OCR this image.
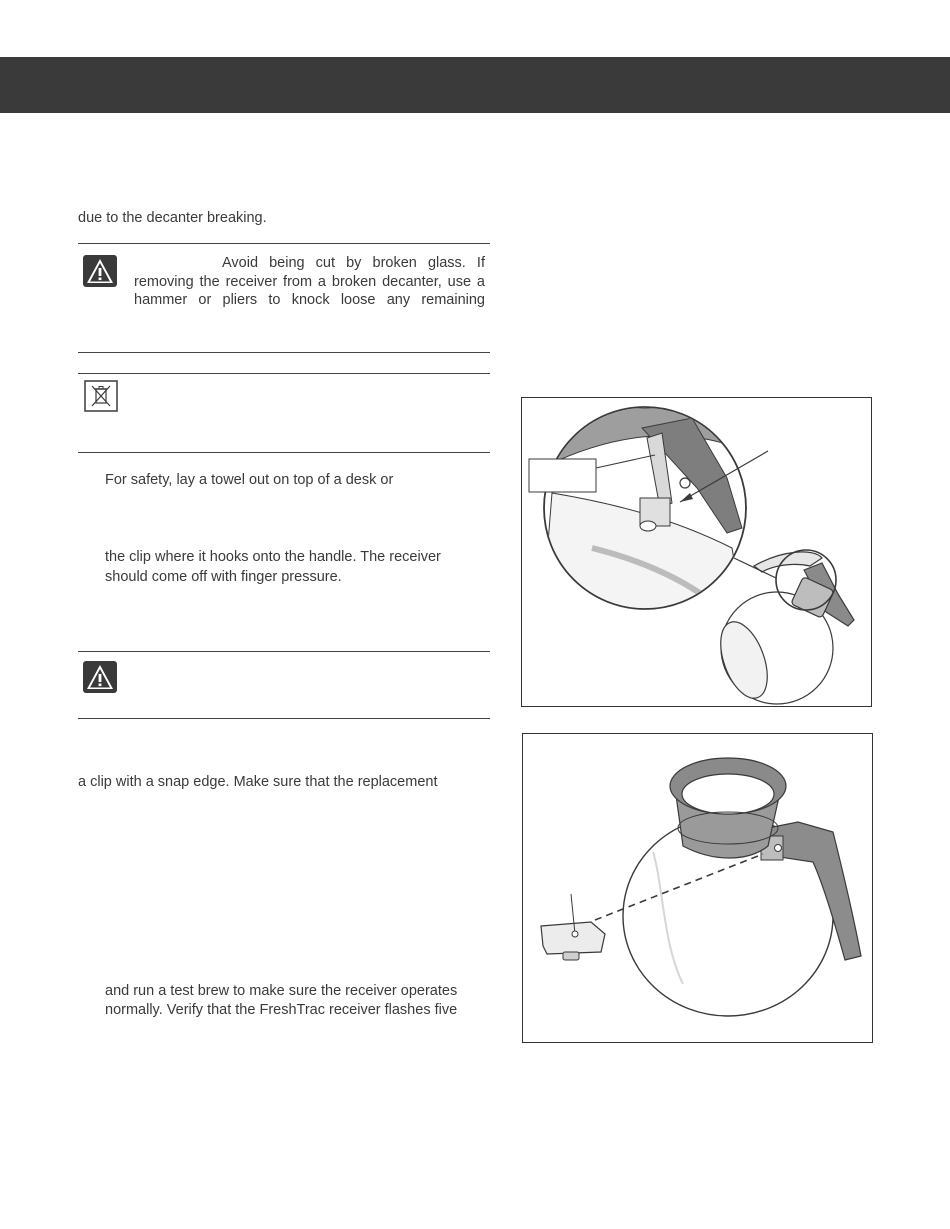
due to the decanter breaking.
Avoid being cut by broken glass. If
removing the receiver from a broken decanter, use a
hammer or pliers to knock loose any remaining
For safety, lay a towel out on top of a desk or
the clip where it hooks onto the handle. The receiver
should come off with finger pressure.
a clip with a snap edge. Make sure that the replacement
and run a test brew to make sure the receiver operates
normally. Verify that the FreshTrac receiver flashes five
